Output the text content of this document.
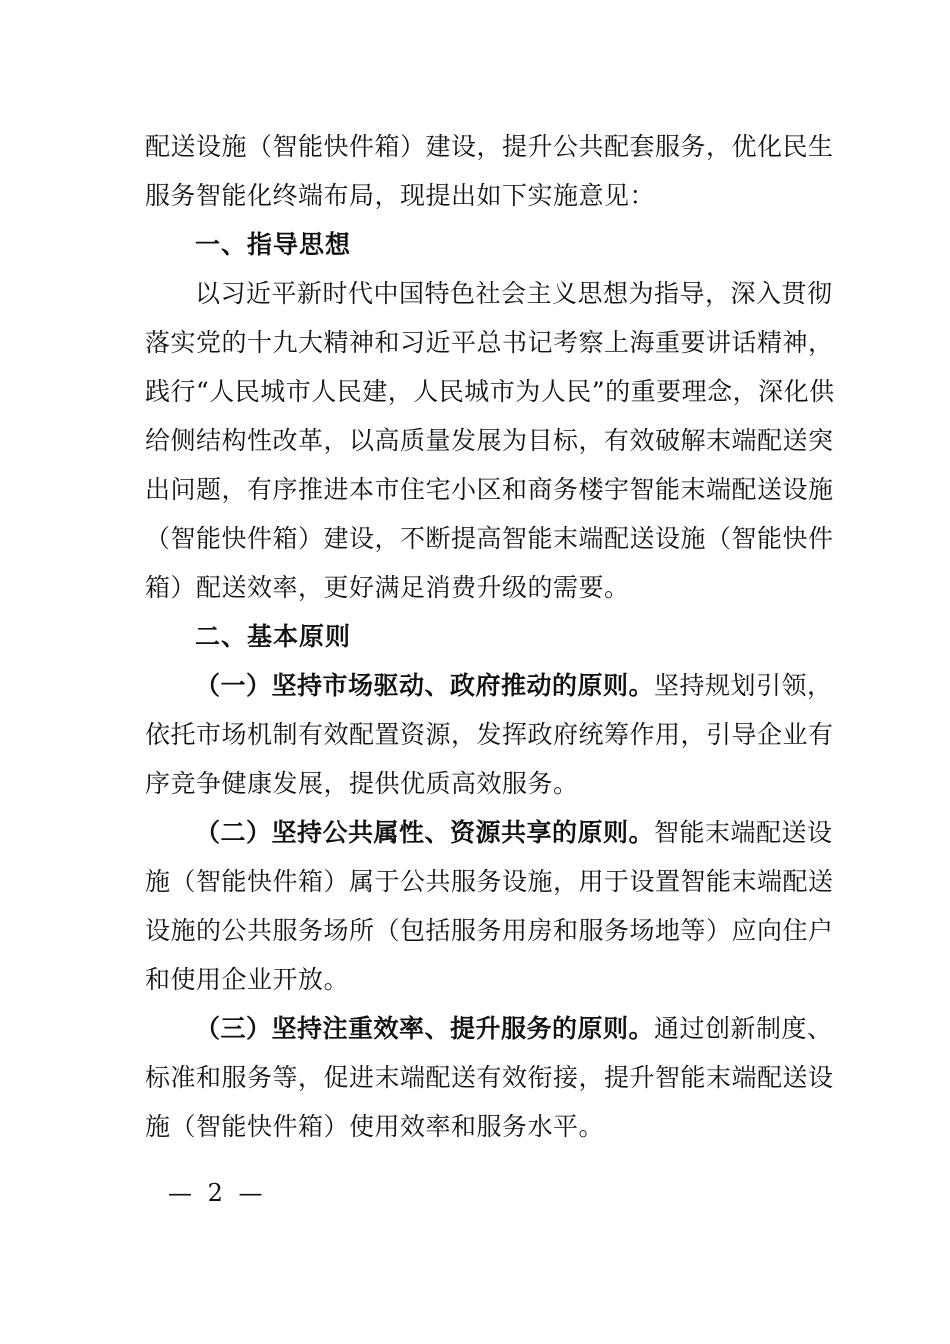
配送设施（智能快件箱）建设，提升公共配套服务，优化民生
服务智能化终端布局，现提出如下实施意见：
一、指导思想
以习近平新时代中国特色社会主义思想为指导，深入贯彻
落实党的十九大精神和习近平总书记考察上海重要讲话精神，
践行“人民城市人民建，人民城市为人民”的重要理念，深化供
给侧结构性改革，以高质量发展为目标，有效破解末端配送突
出问题，有序推进本市住宅小区和商务楼宇智能末端配送设施
（智能快件箱）建设，不断提高智能末端配送设施（智能快件
箱）配送效率，更好满足消费升级的需要。
二、基本原则
（一）坚持市场驱动、政府推动的原则。坚持规划引领，
依托市场机制有效配置资源，发挥政府统筹作用，引导企业有
序竞争健康发展，提供优质高效服务。
（二）坚持公共属性、资源共享的原则。智能末端配送设
施（智能快件箱）属于公共服务设施，用于设置智能末端配送
设施的公共服务场所（包括服务用房和服务场地等）应向住户
和使用企业开放。
（三）坚持注重效率、提升服务的原则。通过创新制度、
标准和服务等，促进末端配送有效衔接，提升智能末端配送设
施（智能快件箱）使用效率和服务水平。
— 2 —
